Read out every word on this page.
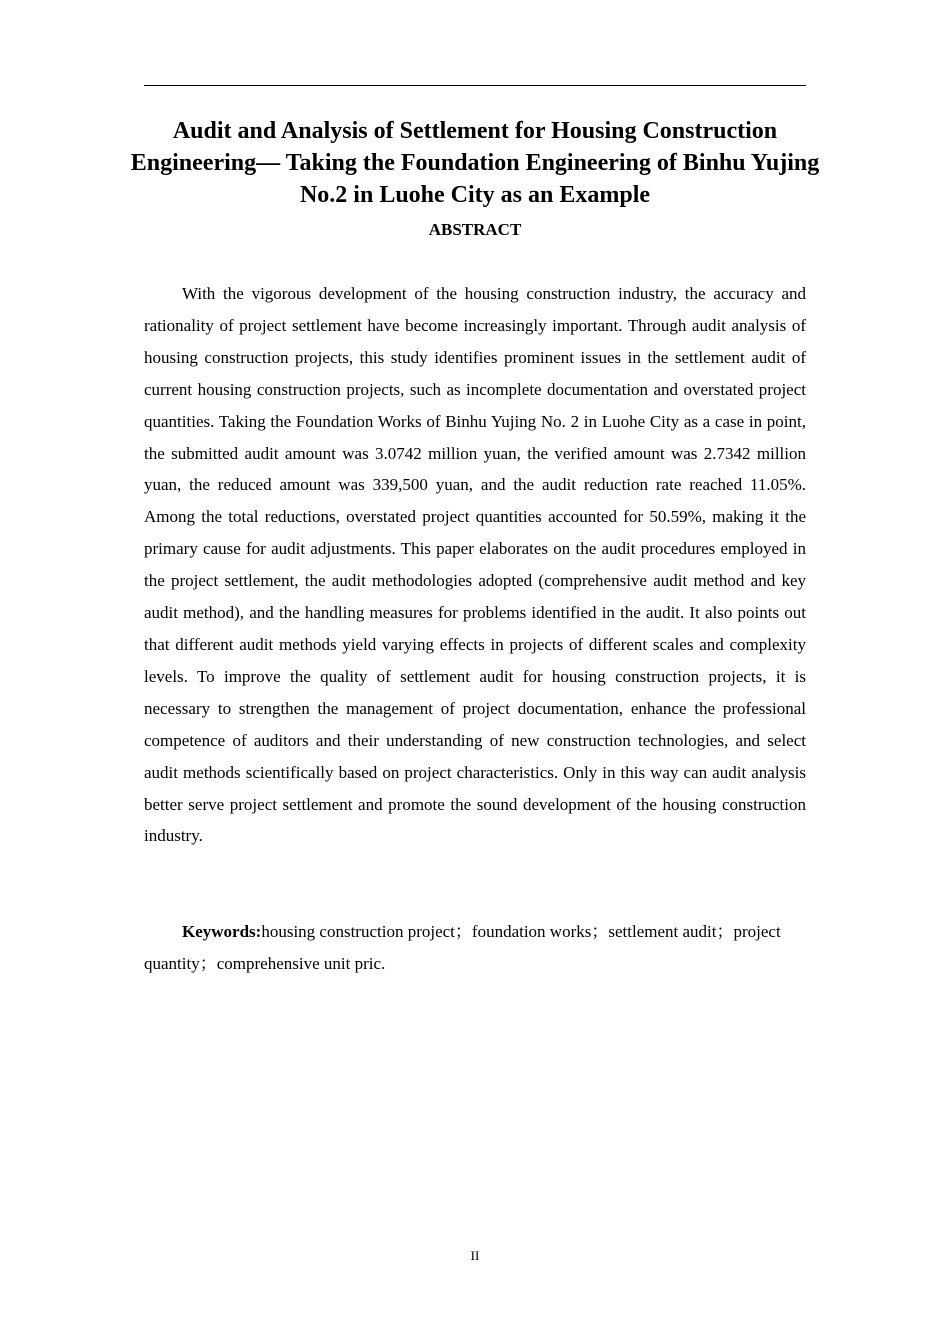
Audit and Analysis of Settlement for Housing Construction Engineering— Taking the Foundation Engineering of Binhu Yujing No.2 in Luohe City as an Example
ABSTRACT

With the vigorous development of the housing construction industry, the accuracy and rationality of project settlement have become increasingly important. Through audit analysis of housing construction projects, this study identifies prominent issues in the settlement audit of current housing construction projects, such as incomplete documentation and overstated project quantities. Taking the Foundation Works of Binhu Yujing No. 2 in Luohe City as a case in point, the submitted audit amount was 3.0742 million yuan, the verified amount was 2.7342 million yuan, the reduced amount was 339,500 yuan, and the audit reduction rate reached 11.05%. Among the total reductions, overstated project quantities accounted for 50.59%, making it the primary cause for audit adjustments. This paper elaborates on the audit procedures employed in the project settlement, the audit methodologies adopted (comprehensive audit method and key audit method), and the handling measures for problems identified in the audit. It also points out that different audit methods yield varying effects in projects of different scales and complexity levels. To improve the quality of settlement audit for housing construction projects, it is necessary to strengthen the management of project documentation, enhance the professional competence of auditors and their understanding of new construction technologies, and select audit methods scientifically based on project characteristics. Only in this way can audit analysis better serve project settlement and promote the sound development of the housing construction industry.

Keywords:housing construction project；foundation works；settlement audit；project quantity；comprehensive unit pric.

II
